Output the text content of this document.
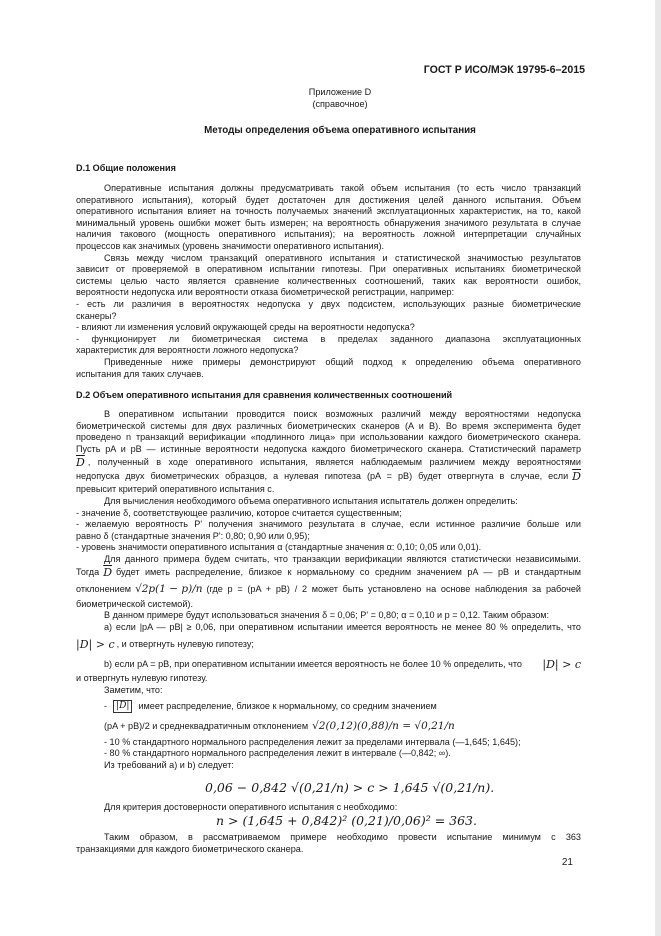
ГОСТ Р ИСО/МЭК 19795-6–2015
Приложение D
(справочное)
Методы определения объема оперативного испытания
D.1 Общие положения
Оперативные испытания должны предусматривать такой объем испытания (то есть число транзакций
оперативного испытания), который будет достаточен для достижения целей данного испытания. Объем
оперативного испытания влияет на точность получаемых значений эксплуатационных характеристик, на то, какой
минимальный уровень ошибки может быть измерен; на вероятность обнаружения значимого результата в случае
наличия такового (мощность оперативного испытания); на вероятность ложной интерпретации случайных
процессов как значимых (уровень значимости оперативного испытания).
Связь между числом транзакций оперативного испытания и статистической значимостью результатов
зависит от проверяемой в оперативном испытании гипотезы. При оперативных испытаниях биометрической
системы целью часто является сравнение количественных соотношений, таких как вероятности ошибок,
вероятности недопуска или вероятности отказа биометрической регистрации, например:
- есть ли различия в вероятностях недопуска у двух подсистем, использующих разные биометрические
сканеры?
- влияют ли изменения условий окружающей среды на вероятности недопуска?
- функционирует ли биометрическая система в пределах заданного диапазона эксплуатационных
характеристик для вероятности ложного недопуска?
Приведенные ниже примеры демонстрируют общий подход к определению объема оперативного
испытания для таких случаев.
D.2 Объем оперативного испытания для сравнения количественных соотношений
В оперативном испытании проводится поиск возможных различий между вероятностями недопуска
биометрической системы для двух различных биометрических сканеров (A и B). Во время эксперимента будет
проведено n транзакций верификации «подлинного лица» при использовании каждого биометрического сканера.
Пусть pA и pB — истинные вероятности недопуска каждого биометрического сканера. Статистический параметр
$\overline{D}$ , полученный в ходе оперативного испытания, является наблюдаемым различием между вероятностями
недопуска двух биометрических образцов, а нулевая гипотеза (pA = pB) будет отвергнута в случае, если $\overline{D}$
превысит критерий оперативного испытания c.
Для вычисления необходимого объема оперативного испытания испытатель должен определить:
- значение δ, соответствующее различию, которое считается существенным;
- желаемую вероятность P' получения значимого результата в случае, если истинное различие больше или
равно δ (стандартные значения P': 0,80; 0,90 или 0,95);
- уровень значимости оперативного испытания α (стандартные значения α: 0,10; 0,05 или 0,01).
Для данного примера будем считать, что транзакции верификации являются статистически независимыми.
Тогда $\overline{D}$ будет иметь распределение, близкое к нормальному со средним значением pA — pB и стандартным
отклонением √2p(1 − p)/n (где p = (pA + pB) / 2 может быть установлено на основе наблюдения за рабочей
биометрической системой).
В данном примере будут использоваться значения δ = 0,06; P' = 0,80; α = 0,10 и p = 0,12. Таким образом:
а) если |pA — pB| ≥ 0,06, при оперативном испытании имеется вероятность не менее 80 % определить, что
|D| > c , и отвергнуть нулевую гипотезу;
b) если pA = pB, при оперативном испытании имеется вероятность не более 10 % определить, что |D| > c
и отвергнуть нулевую гипотезу.
Заметим, что:
- |D| имеет распределение, близкое к нормальному, со средним значением
(pA + pB)/2 и среднеквадратичным отклонением √2(0,12)(0,88)/n = √0,21/n
- 10 % стандартного нормального распределения лежит за пределами интервала (—1,645; 1,645);
- 80 % стандартного нормального распределения лежит в интервале (—0,842; ∞).
Из требований а) и b) следует:
0,06 − 0,842 √(0,21/n) > c > 1,645 √(0,21/n).
Для критерия достоверности оперативного испытания c необходимо:
n > (1,645 + 0,842)² (0,21)/0,06)² = 363.
Таким образом, в рассматриваемом примере необходимо провести испытание минимум с 363
транзакциями для каждого биометрического сканера.
21
